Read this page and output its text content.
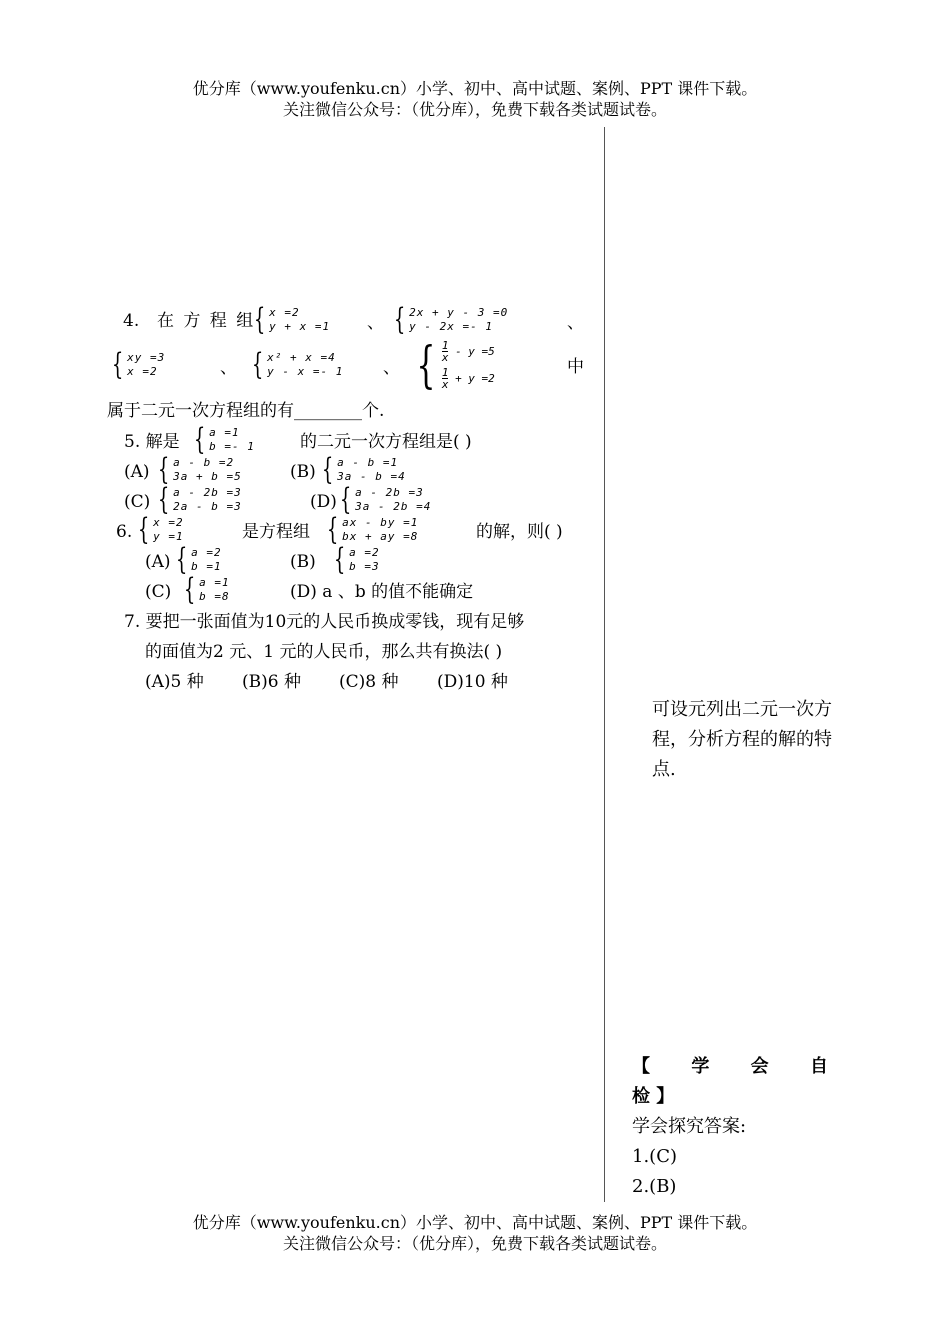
优分库（www.youfenku.cn）小学、初中、高中试题、案例、PPT 课件下载。
关注微信公众号：（优分库），免费下载各类试题试卷。
4. 在 方 程 组
{ x =2
y + x =1 、 { 2x + y - 3 =0
y - 2x =- 1	、
{ xy =3
x =2	、 { x² + x =4
y - x =- 1 、 { $\frac{1}{x}$
- y =5
$\frac{1}{x}$
+ y =2
中
属于二元一次方程组的有________个.
5. 解是 { a =1
b =- 1	的二元一次方程组是( )
(A) { a - b =2
3a + b =5	(B) { a - b =1
3a - b =4
(C) { a - 2b =3
2a - b =3	(D) { a - 2b =3
3a - 2b =4
6. { x =2
y =1	是方程组 { ax - by =1
bx + ay =8	的解，则( )
(A) { a =2
b =1	(B) { a =2
b =3
(C) { a =1
b =8	(D) a 、b 的值不能确定
7. 要把一张面值为10元的人民币换成零钱，现有足够
的面值为2 元、1 元的人民币，那么共有换法( )
(A)5 种 (B)6 种 (C)8 种 (D)10 种
可设元列出二元一次方
程，分析方程的解的特
点.
【 学 会 自
检 】
学会探究答案:
1.(C)
2.(B)
优分库（www.youfenku.cn）小学、初中、高中试题、案例、PPT 课件下载。
关注微信公众号：（优分库），免费下载各类试题试卷。
